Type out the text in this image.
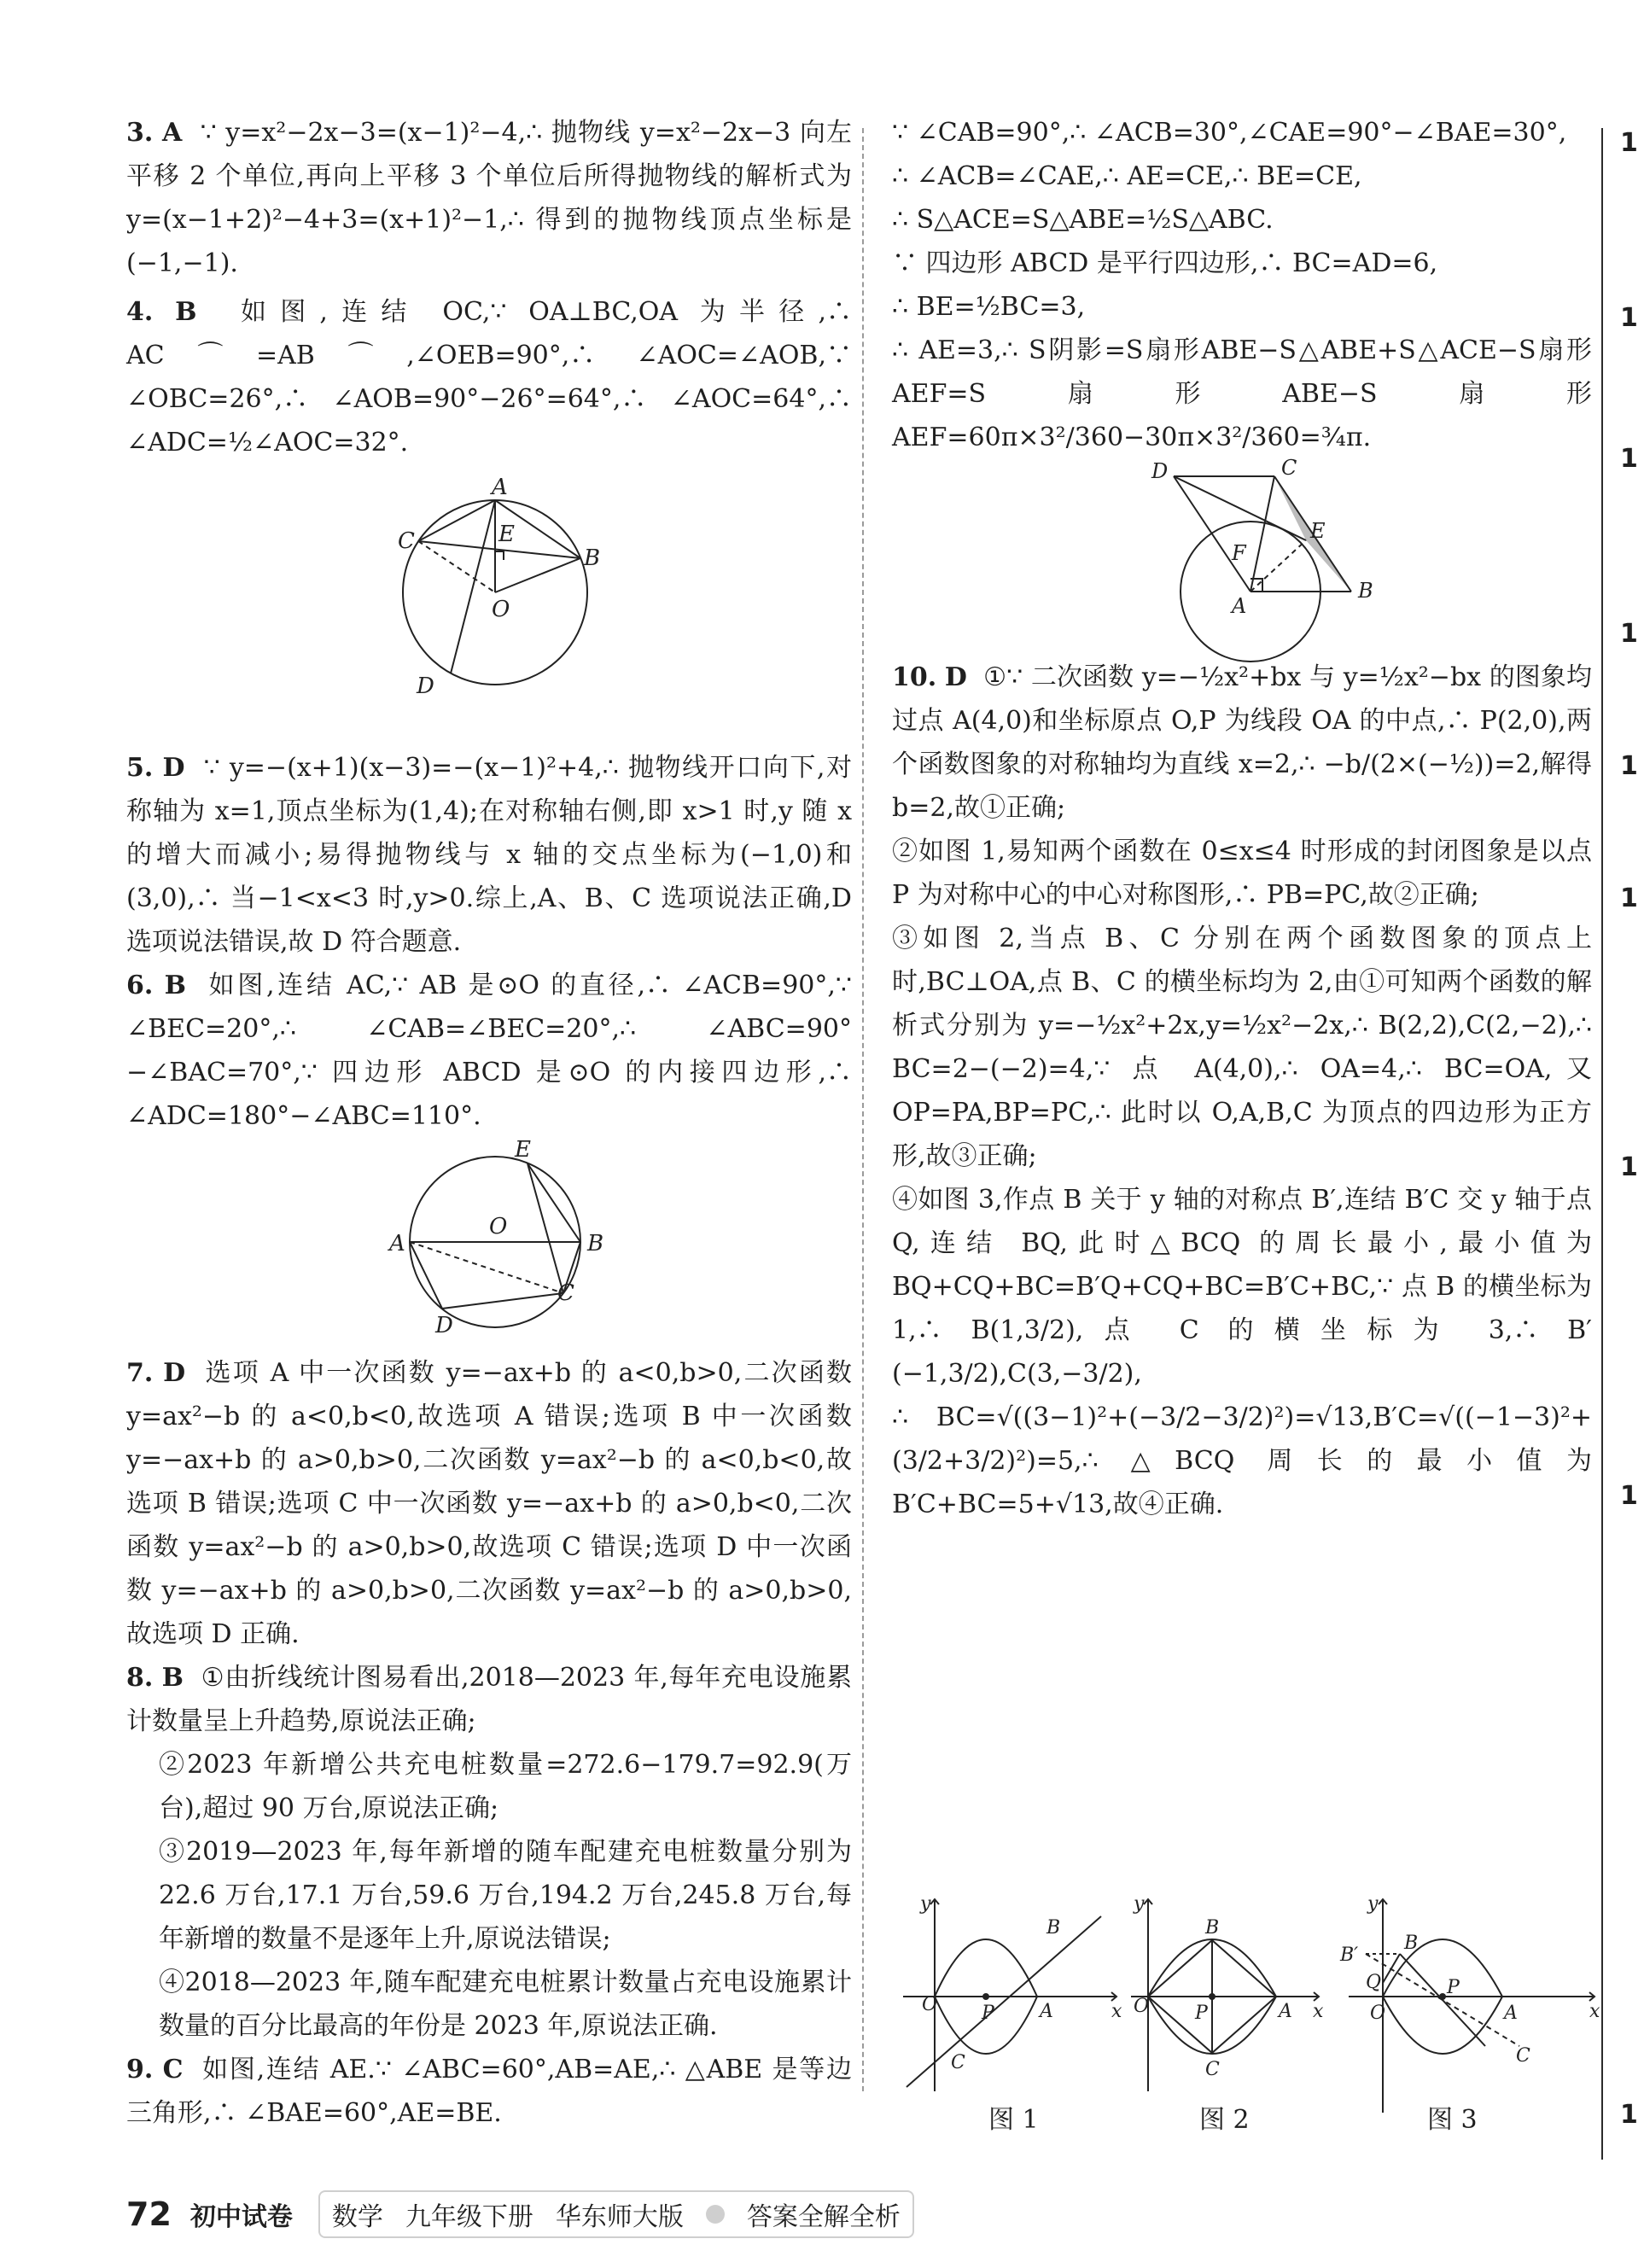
1
1
1
1
1
1
1
1
1

3. A ∵ y=x²−2x−3=(x−1)²−4,∴ 抛物线 y=x²−2x−3 向左平移 2 个单位,再向上平移 3 个单位后所得抛物线的解析式为 y=(x−1+2)²−4+3=(x+1)²−1,∴ 得到的抛物线顶点坐标是(−1,−1).

4. B 如图,连结 OC,∵ OA⊥BC,OA 为半径,∴ AC⌒=AB⌒,∠OEB=90°,∴ ∠AOC=∠AOB,∵ ∠OBC=26°,∴ ∠AOB=90°−26°=64°,∴ ∠AOC=64°,∴ ∠ADC=½∠AOC=32°.

A
B
C
D
E
O

5. D ∵ y=−(x+1)(x−3)=−(x−1)²+4,∴ 抛物线开口向下,对称轴为 x=1,顶点坐标为(1,4);在对称轴右侧,即 x>1 时,y 随 x 的增大而减小;易得抛物线与 x 轴的交点坐标为(−1,0)和(3,0),∴ 当−1<x<3 时,y>0.综上,A、B、C 选项说法正确,D 选项说法错误,故 D 符合题意.

6. B 如图,连结 AC,∵ AB 是⊙O 的直径,∴ ∠ACB=90°,∵ ∠BEC=20°,∴ ∠CAB=∠BEC=20°,∴ ∠ABC=90°−∠BAC=70°,∵ 四边形 ABCD 是⊙O 的内接四边形,∴ ∠ADC=180°−∠ABC=110°.

E
A	B
C
D
O

7. D 选项 A 中一次函数 y=−ax+b 的 a<0,b>0,二次函数 y=ax²−b 的 a<0,b<0,故选项 A 错误;选项 B 中一次函数 y=−ax+b 的 a>0,b>0,二次函数 y=ax²−b 的 a<0,b<0,故选项 B 错误;选项 C 中一次函数 y=−ax+b 的 a>0,b<0,二次函数 y=ax²−b 的 a>0,b>0,故选项 C 错误;选项 D 中一次函数 y=−ax+b 的 a>0,b>0,二次函数 y=ax²−b 的 a>0,b>0,故选项 D 正确.

8. B ①由折线统计图易看出,2018—2023 年,每年充电设施累计数量呈上升趋势,原说法正确;

②2023 年新增公共充电桩数量=272.6−179.7=92.9(万台),超过 90 万台,原说法正确;

③2019—2023 年,每年新增的随车配建充电桩数量分别为 22.6 万台,17.1 万台,59.6 万台,194.2 万台,245.8 万台,每年新增的数量不是逐年上升,原说法错误;

④2018—2023 年,随车配建充电桩累计数量占充电设施累计数量的百分比最高的年份是 2023 年,原说法正确.

9. C 如图,连结 AE.∵ ∠ABC=60°,AB=AE,∴ △ABE 是等边三角形,∴ ∠BAE=60°,AE=BE.

∵ ∠CAB=90°,∴ ∠ACB=30°,∠CAE=90°−∠BAE=30°,

∴ ∠ACB=∠CAE,∴ AE=CE,∴ BE=CE,

∴ S△ACE=S△ABE=½S△ABC.

∵ 四边形 ABCD 是平行四边形,∴ BC=AD=6,

∴ BE=½BC=3,

∴ AE=3,∴ S阴影=S扇形ABE−S△ABE+S△ACE−S扇形AEF=S扇形ABE−S扇形AEF=60π×3²/360−30π×3²/360=¾π.

D	C
E
F
A
B

10. D ①∵ 二次函数 y=−½x²+bx 与 y=½x²−bx 的图象均过点 A(4,0)和坐标原点 O,P 为线段 OA 的中点,∴ P(2,0),两个函数图象的对称轴均为直线 x=2,∴ −b/(2×(−½))=2,解得 b=2,故①正确;

②如图 1,易知两个函数在 0≤x≤4 时形成的封闭图象是以点 P 为对称中心的中心对称图形,∴ PB=PC,故②正确;

③如图 2,当点 B、C 分别在两个函数图象的顶点上时,BC⊥OA,点 B、C 的横坐标均为 2,由①可知两个函数的解析式分别为 y=−½x²+2x,y=½x²−2x,∴ B(2,2),C(2,−2),∴ BC=2−(−2)=4,∵ 点 A(4,0),∴ OA=4,∴ BC=OA,又 OP=PA,BP=PC,∴ 此时以 O,A,B,C 为顶点的四边形为正方形,故③正确;

④如图 3,作点 B 关于 y 轴的对称点 B′,连结 B′C 交 y 轴于点 Q,连结 BQ,此时△BCQ 的周长最小,最小值为 BQ+CQ+BC=B′Q+CQ+BC=B′C+BC,∵ 点 B 的横坐标为 1,∴ B(1,3/2),点 C 的横坐标为 3,∴ B′(−1,3/2),C(3,−3/2),

∴ BC=√((3−1)²+(−3/2−3/2)²)=√13,B′C=√((−1−3)²+(3/2+3/2)²)=5,∴ △BCQ 周长的最小值为 B′C+BC=5+√13,故④正确.

y
x
O P A
B
C
y
x
O P	A
B
C
y
x
O
P
A
B
B′
C
Q
图 1	图 2	图 3
72 初中试卷 数学 九年级下册 华东师大版 答案全解全析
